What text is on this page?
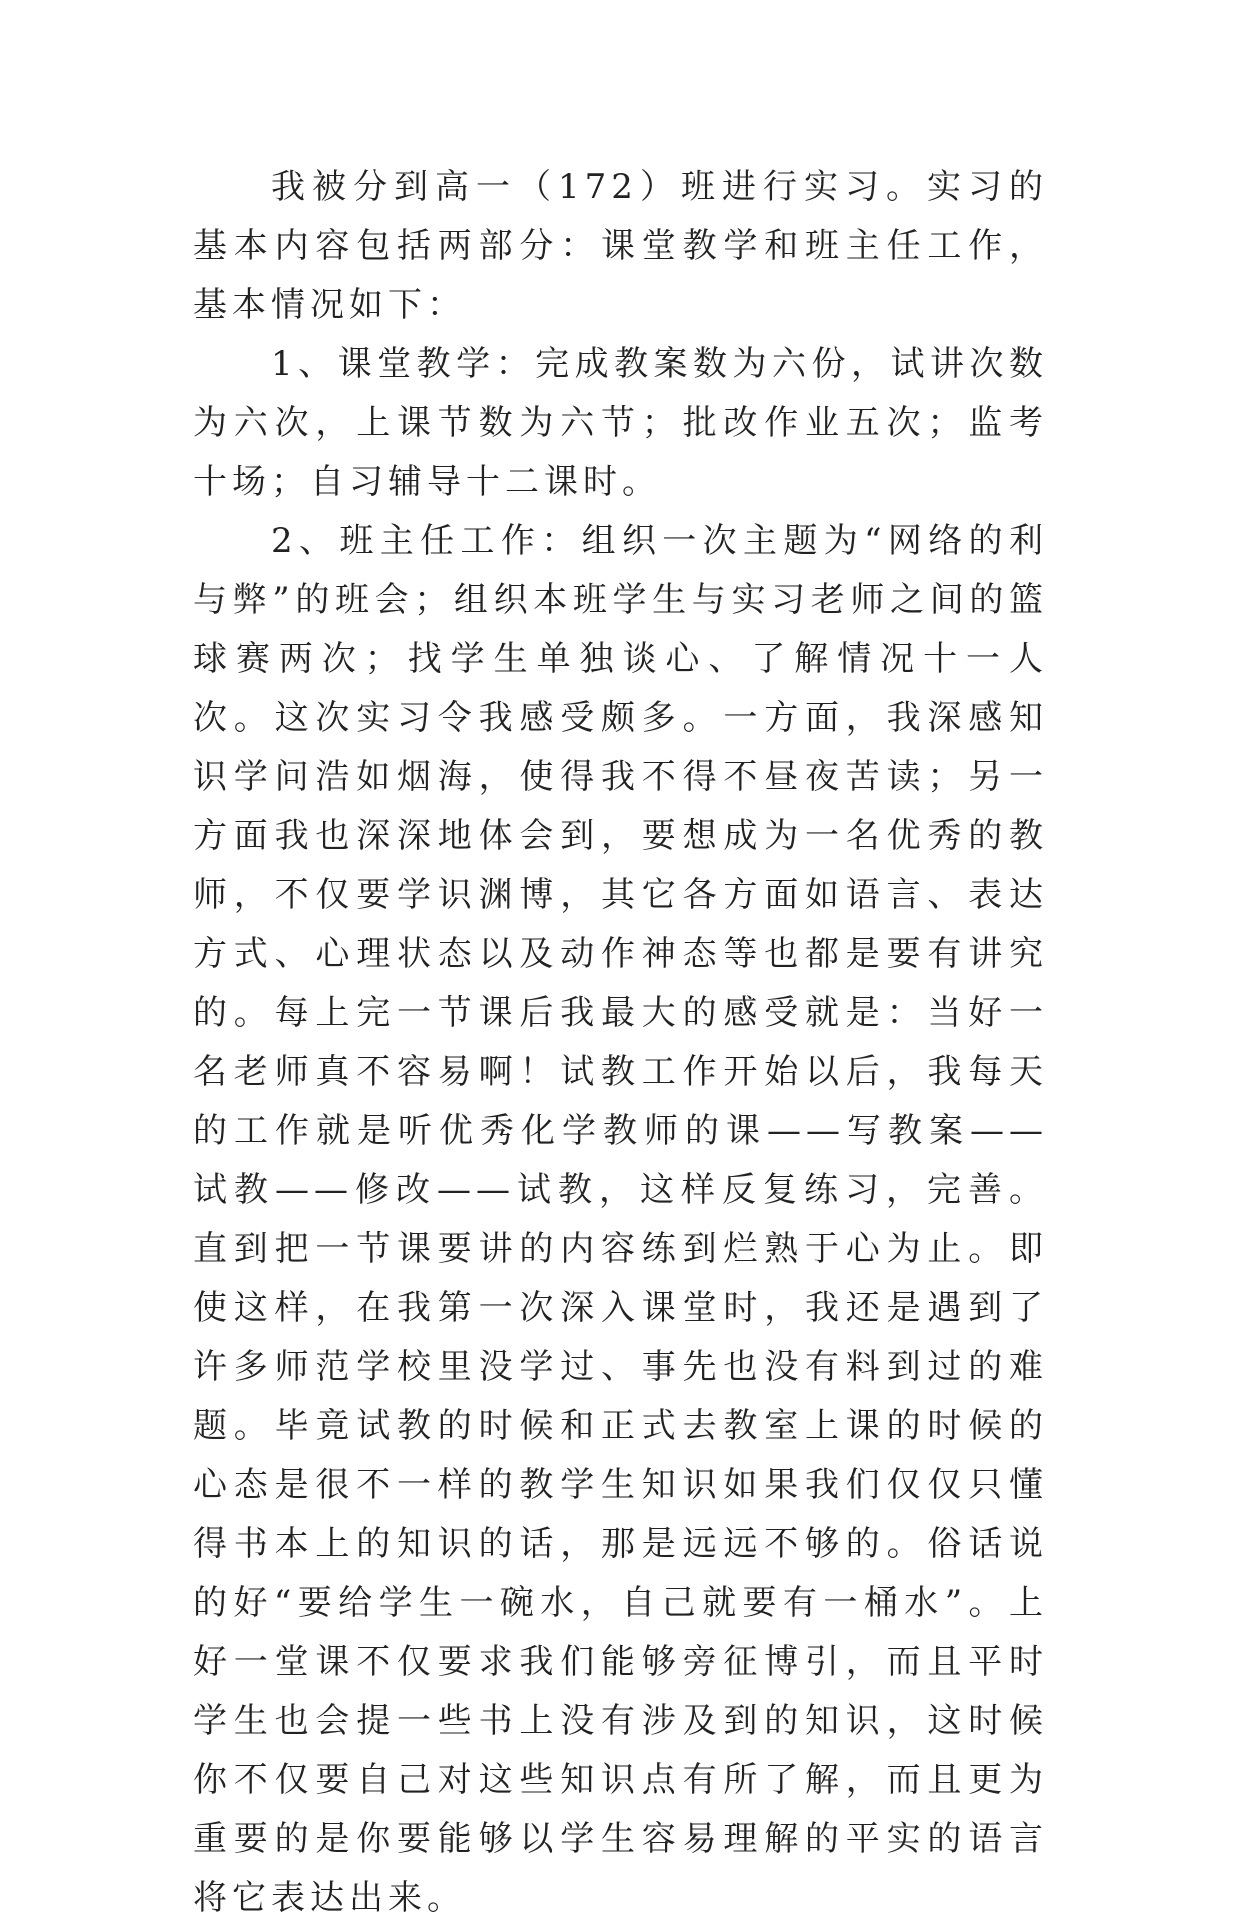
我被分到高一（172）班进行实习。实习的基本内容包括两部分：课堂教学和班主任工作，基本情况如下：

1、课堂教学：完成教案数为六份，试讲次数为六次，上课节数为六节；批改作业五次；监考十场；自习辅导十二课时。

2、班主任工作：组织一次主题为“网络的利与弊”的班会；组织本班学生与实习老师之间的篮球赛两次；找学生单独谈心、了解情况十一人次。这次实习令我感受颇多。一方面，我深感知识学问浩如烟海，使得我不得不昼夜苦读；另一方面我也深深地体会到，要想成为一名优秀的教师，不仅要学识渊博，其它各方面如语言、表达方式、心理状态以及动作神态等也都是要有讲究的。每上完一节课后我最大的感受就是：当好一名老师真不容易啊！试教工作开始以后，我每天的工作就是听优秀化学教师的课——写教案——试教——修改——试教，这样反复练习，完善。直到把一节课要讲的内容练到烂熟于心为止。即使这样，在我第一次深入课堂时，我还是遇到了许多师范学校里没学过、事先也没有料到过的难题。毕竟试教的时候和正式去教室上课的时候的心态是很不一样的教学生知识如果我们仅仅只懂得书本上的知识的话，那是远远不够的。俗话说的好“要给学生一碗水，自己就要有一桶水”。上好一堂课不仅要求我们能够旁征博引，而且平时学生也会提一些书上没有涉及到的知识，这时候你不仅要自己对这些知识点有所了解，而且更为重要的是你要能够以学生容易理解的平实的语言将它表达出来。
